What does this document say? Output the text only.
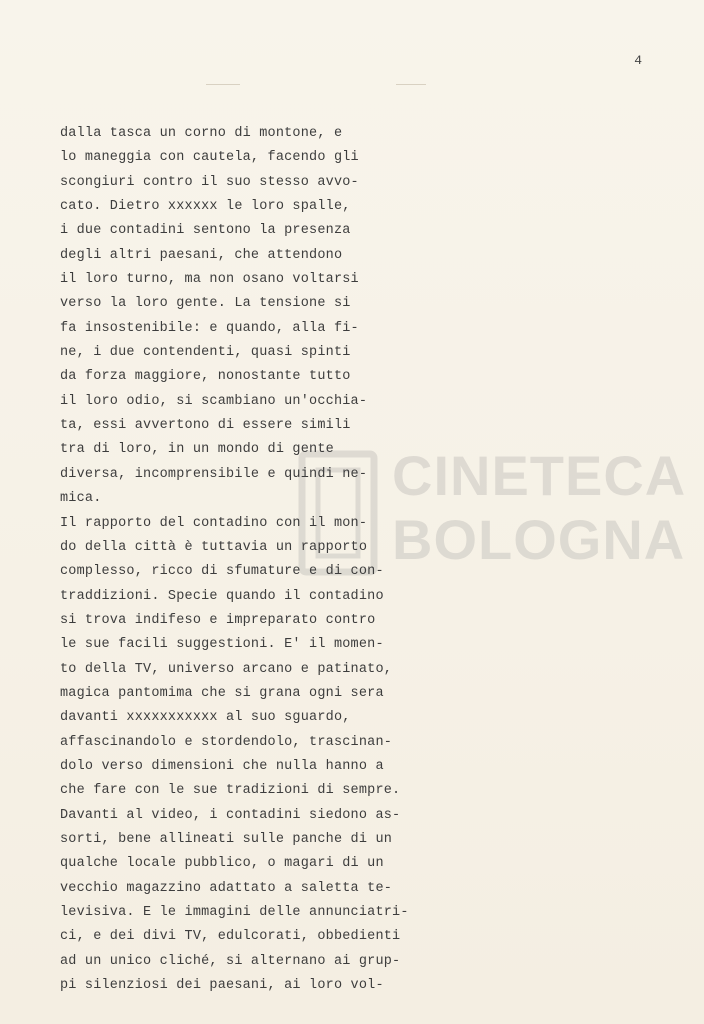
4
CINETECA
BOLOGNA
dalla tasca un corno di montone, e
lo maneggia con cautela, facendo gli
scongiuri contro il suo stesso avvo-
cato. Dietro xxxxxx le loro spalle,
i due contadini sentono la presenza
degli altri paesani, che attendono
il loro turno, ma non osano voltarsi
verso la loro gente. La tensione si
fa insostenibile: e quando, alla fi-
ne, i due contendenti, quasi spinti
da forza maggiore, nonostante tutto
il loro odio, si scambiano un'occhia-
ta, essi avvertono di essere simili
tra di loro, in un mondo di gente
diversa, incomprensibile e quindi ne-
mica.
Il rapporto del contadino con il mon-
do della città è tuttavia un rapporto
complesso, ricco di sfumature e di con-
traddizioni. Specie quando il contadino
si trova indifeso e impreparato contro
le sue facili suggestioni. E' il momen-
to della TV, universo arcano e patinato,
magica pantomima che si grana ogni sera
davanti xxxxxxxxxxx al suo sguardo,
affascinandolo e stordendolo, trascinan-
dolo verso dimensioni che nulla hanno a
che fare con le sue tradizioni di sempre.
Davanti al video, i contadini siedono as-
sorti, bene allineati sulle panche di un
qualche locale pubblico, o magari di un
vecchio magazzino adattato a saletta te-
levisiva. E le immagini delle annunciatri-
ci, e dei divi TV, edulcorati, obbedienti
ad un unico cliché, si alternano ai grup-
pi silenziosi dei paesani, ai loro vol-
